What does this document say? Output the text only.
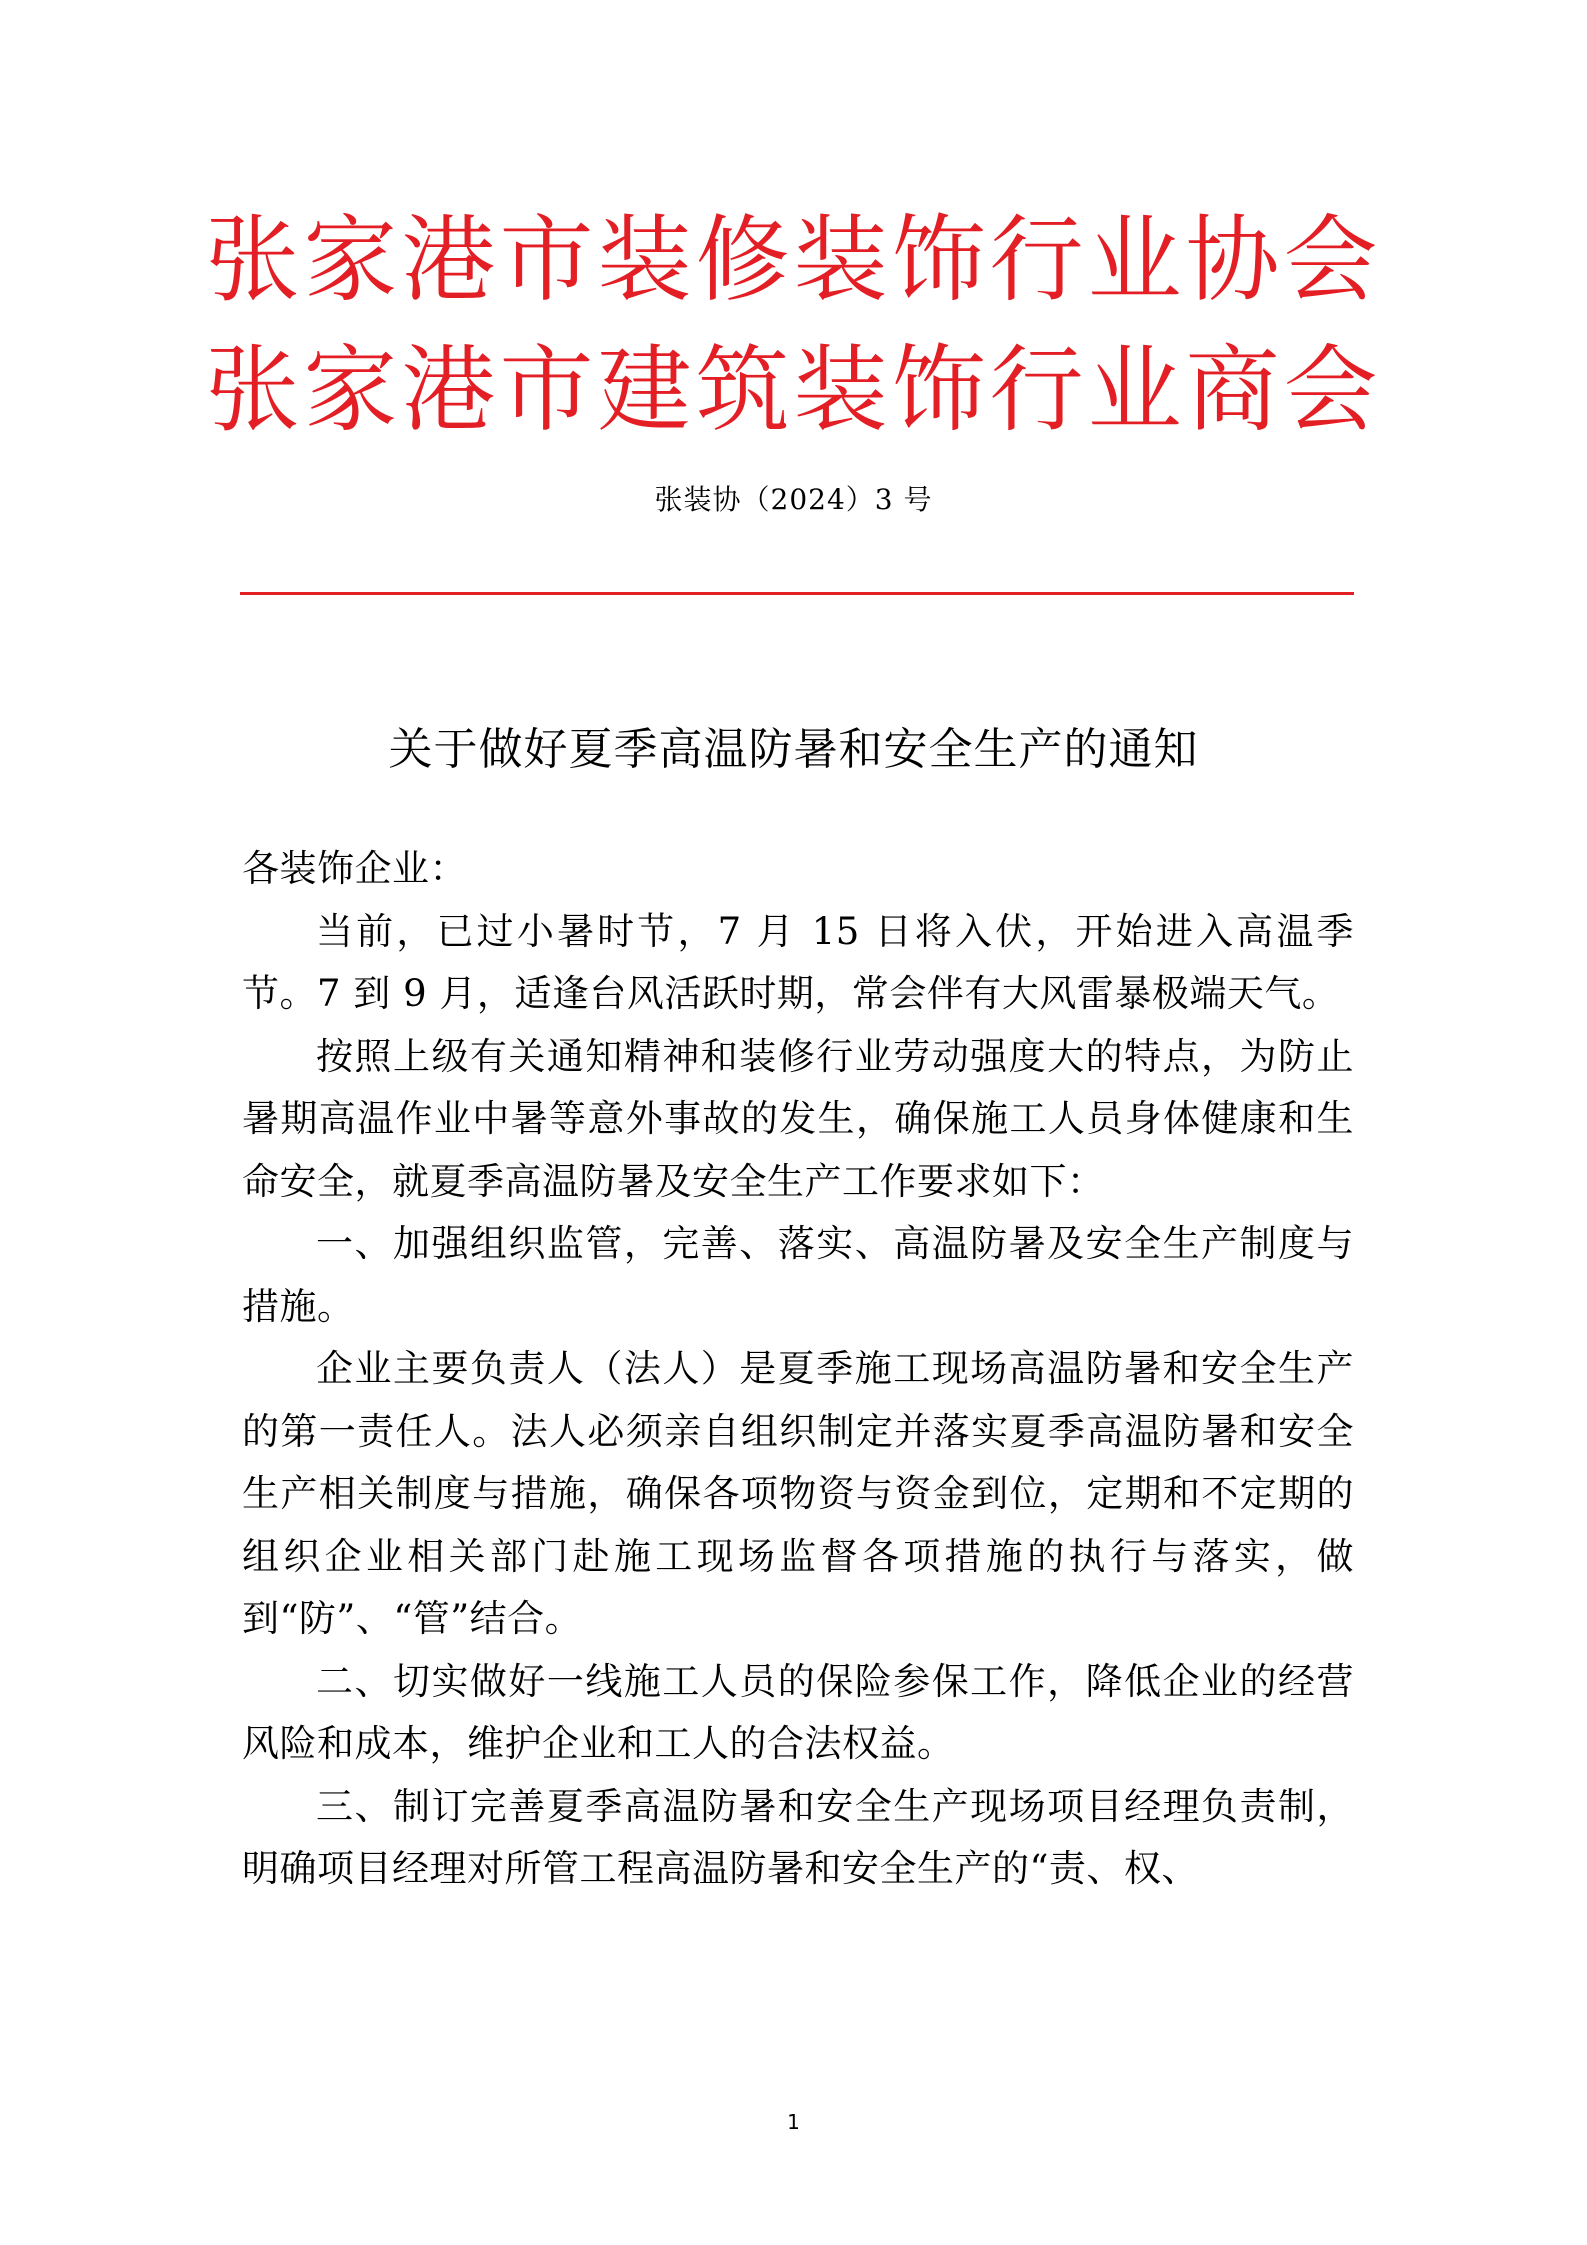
张家港市装修装饰行业协会
张家港市建筑装饰行业商会
张装协（2024）3 号
关于做好夏季高温防暑和安全生产的通知

各装饰企业：

当前，已过小暑时节，7 月 15 日将入伏，开始进入高温季节。7 到 9 月，适逢台风活跃时期，常会伴有大风雷暴极端天气。

按照上级有关通知精神和装修行业劳动强度大的特点，为防止暑期高温作业中暑等意外事故的发生，确保施工人员身体健康和生命安全，就夏季高温防暑及安全生产工作要求如下：

一、加强组织监管，完善、落实、高温防暑及安全生产制度与措施。

企业主要负责人（法人）是夏季施工现场高温防暑和安全生产的第一责任人。法人必须亲自组织制定并落实夏季高温防暑和安全生产相关制度与措施，确保各项物资与资金到位，定期和不定期的组织企业相关部门赴施工现场监督各项措施的执行与落实，做到“防”、“管”结合。

二、切实做好一线施工人员的保险参保工作，降低企业的经营风险和成本，维护企业和工人的合法权益。

三、制订完善夏季高温防暑和安全生产现场项目经理负责制，明确项目经理对所管工程高温防暑和安全生产的“责、权、

1
